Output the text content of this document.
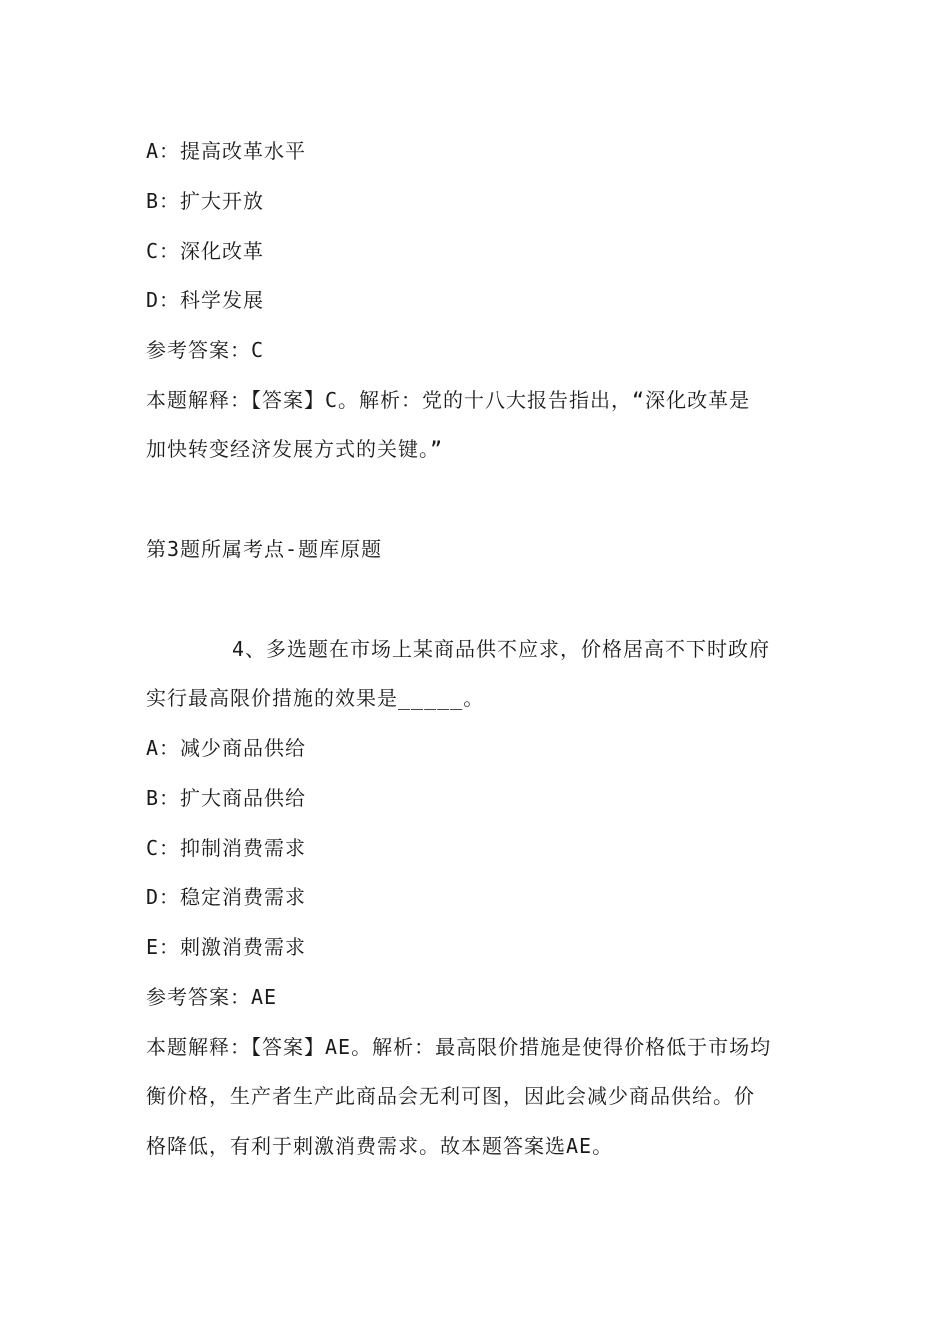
A：提高改革水平
B：扩大开放
C：深化改革
D：科学发展
参考答案：C
本题解释：【答案】C。解析：党的十八大报告指出，“深化改革是
加快转变经济发展方式的关键。”
第3题所属考点-题库原题
4、多选题在市场上某商品供不应求，价格居高不下时政府
实行最高限价措施的效果是_____。
A：减少商品供给
B：扩大商品供给
C：抑制消费需求
D：稳定消费需求
E：刺激消费需求
参考答案：AE
本题解释：【答案】AE。解析：最高限价措施是使得价格低于市场均
衡价格，生产者生产此商品会无利可图，因此会减少商品供给。价
格降低，有利于刺激消费需求。故本题答案选AE。
